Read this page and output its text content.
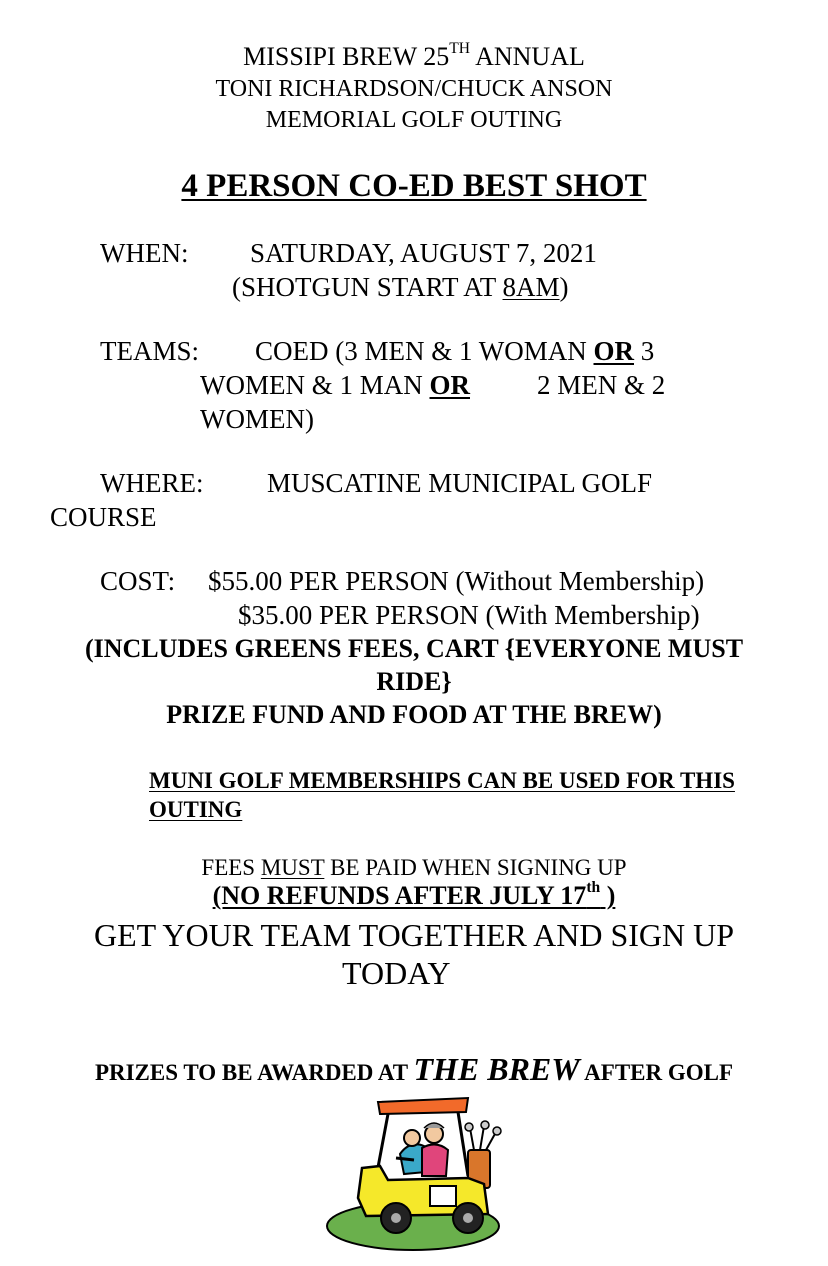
MISSIPI BREW 25TH ANNUAL
TONI RICHARDSON/CHUCK ANSON
MEMORIAL GOLF OUTING
4 PERSON CO-ED BEST SHOT
WHEN: SATURDAY, AUGUST 7, 2021
(SHOTGUN START AT 8AM)
TEAMS: COED (3 MEN & 1 WOMAN OR 3
WOMEN & 1 MAN OR 2 MEN & 2
WOMEN)
WHERE: MUSCATINE MUNICIPAL GOLF
COURSE
COST: $55.00 PER PERSON (Without Membership)
$35.00 PER PERSON (With Membership)
(INCLUDES GREENS FEES, CART {EVERYONE MUST
RIDE}
PRIZE FUND AND FOOD AT THE BREW)
MUNI GOLF MEMBERSHIPS CAN BE USED FOR THIS
OUTING
FEES MUST BE PAID WHEN SIGNING UP
(NO REFUNDS AFTER JULY 17th )
GET YOUR TEAM TOGETHER AND SIGN UP
TODAY
PRIZES TO BE AWARDED AT THE BREW AFTER GOLF
